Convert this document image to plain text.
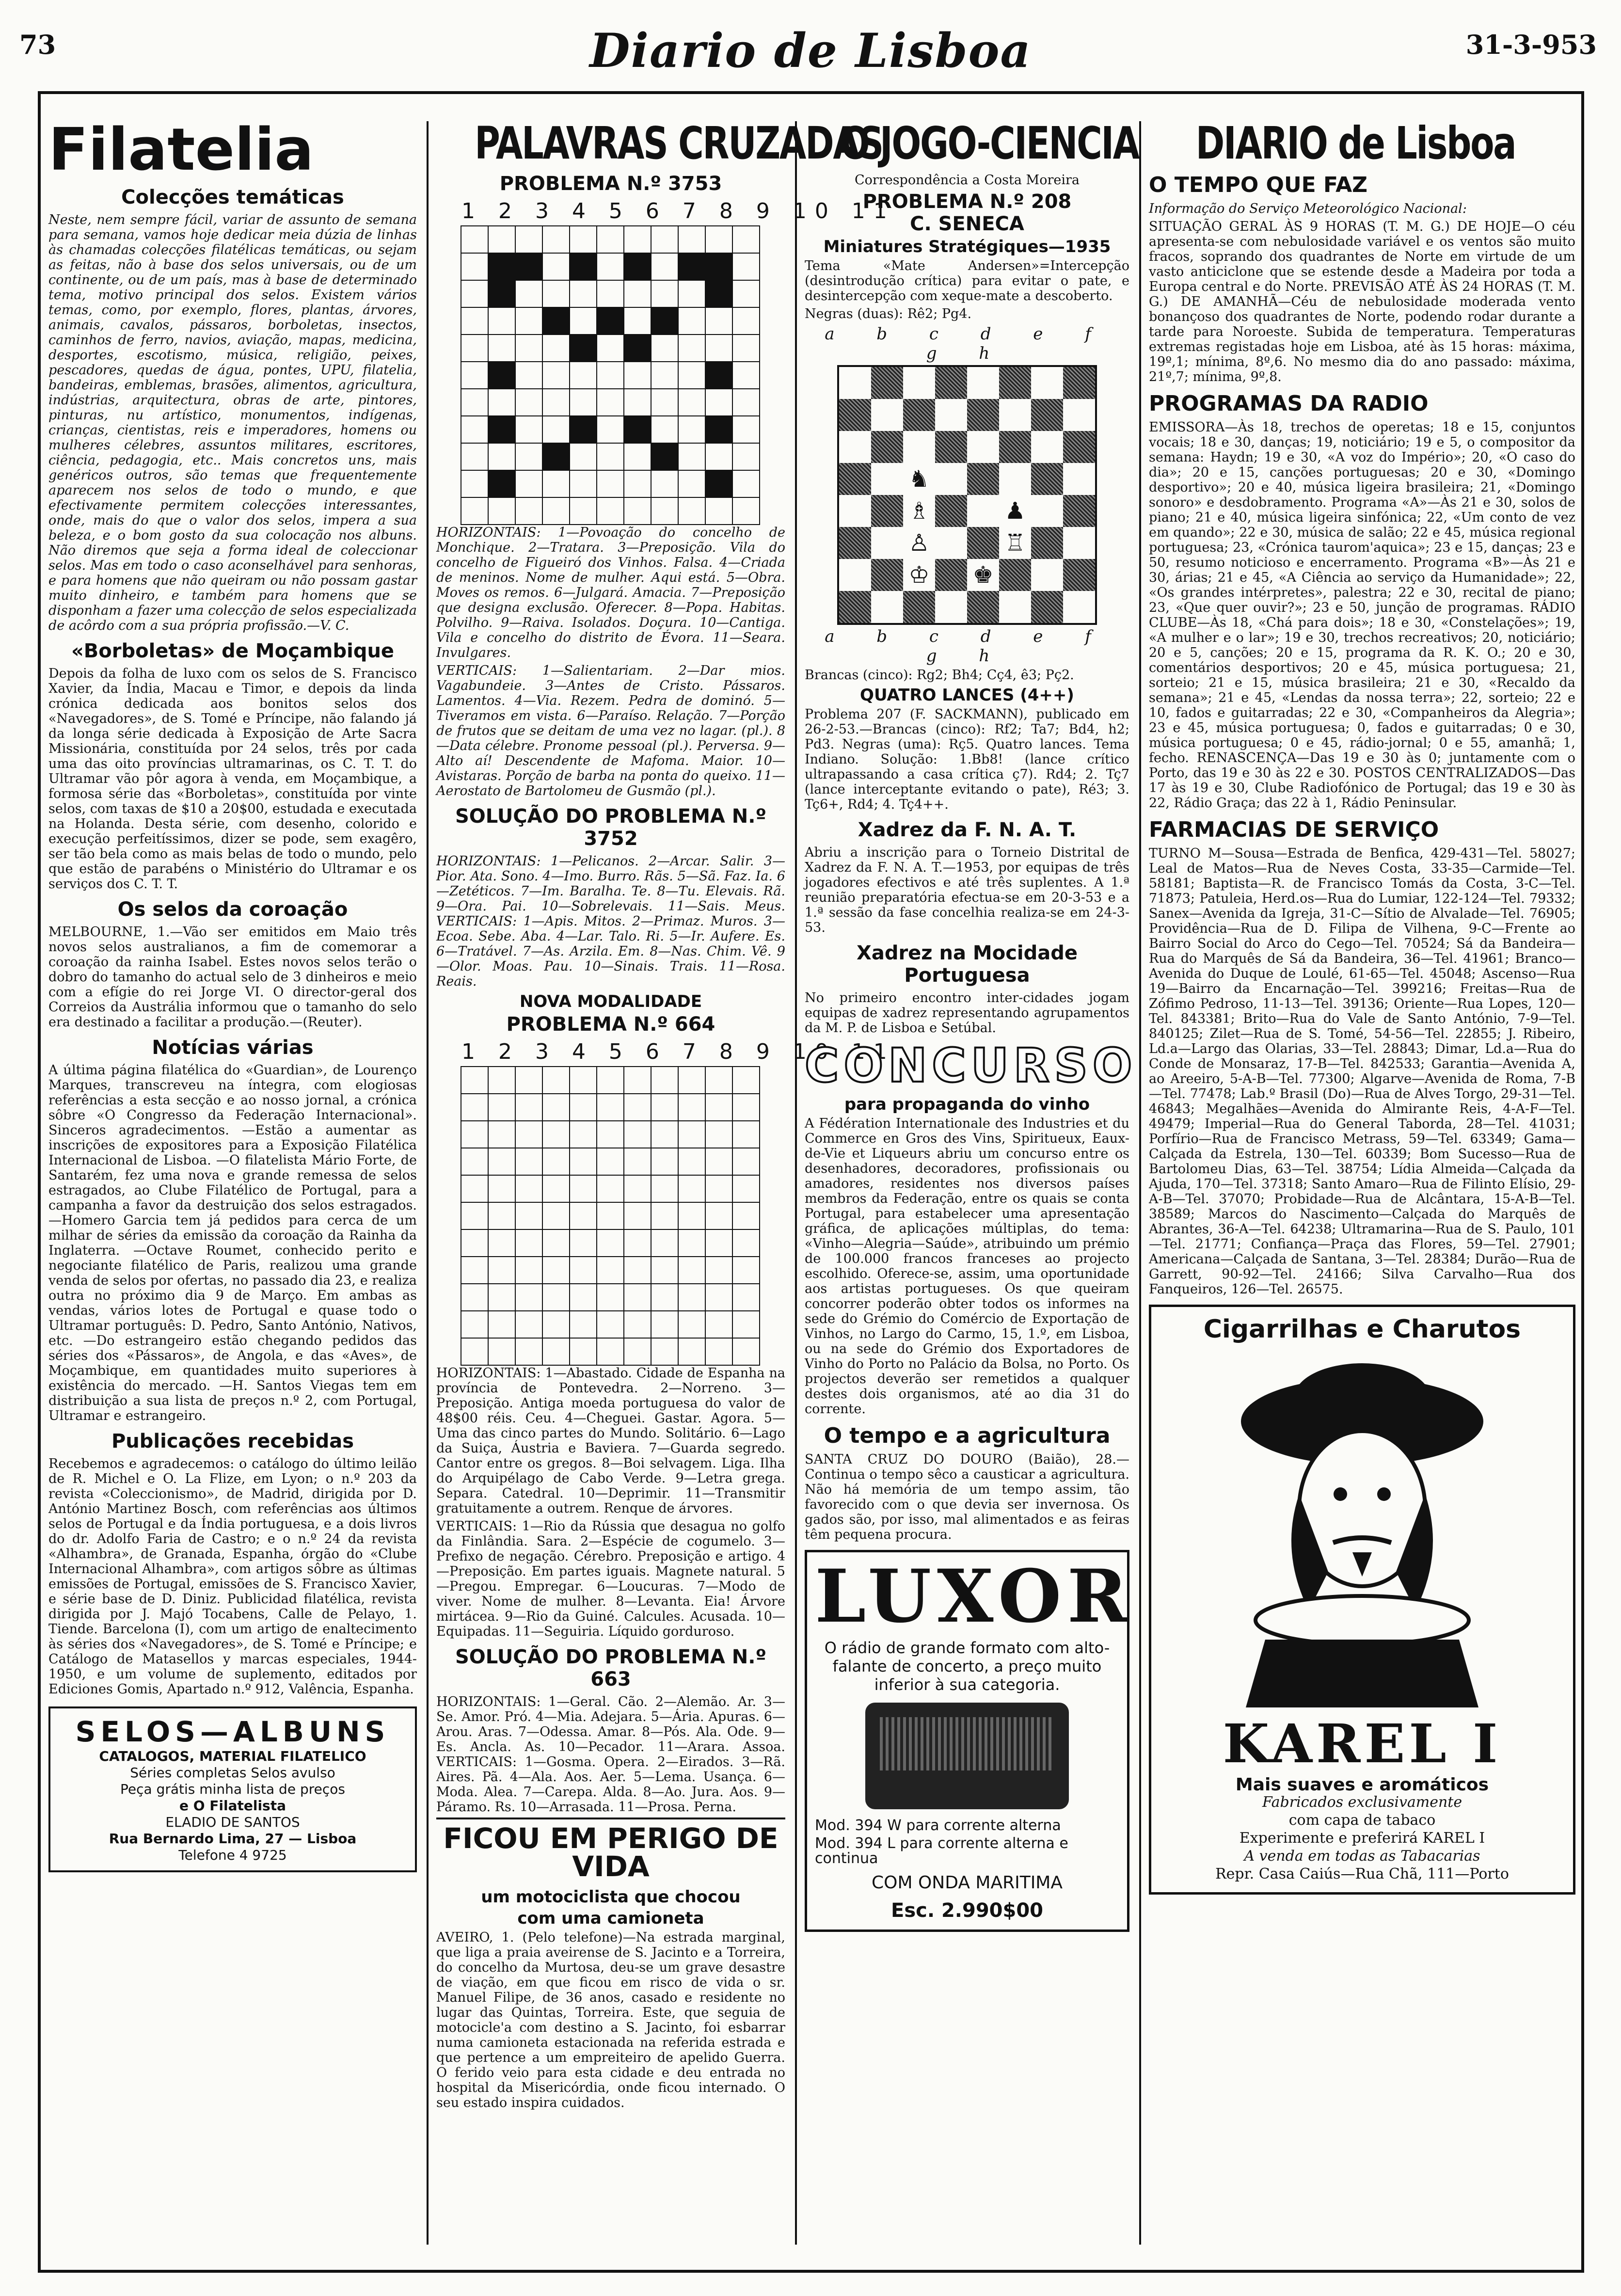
73	Diario de Lisboa	31-3-953
Filatelia
Colecções temáticas

Neste, nem sempre fácil, variar de assunto de semana para semana, vamos hoje dedicar meia dúzia de linhas às chamadas colecções filatélicas temáticas, ou sejam as feitas, não à base dos selos universais, ou de um continente, ou de um país, mas à base de determinado tema, motivo principal dos selos. Existem vários temas, como, por exemplo, flores, plantas, árvores, animais, cavalos, pássaros, borboletas, insectos, caminhos de ferro, navios, aviação, mapas, medicina, desportes, escotismo, música, religião, peixes, pescadores, quedas de água, pontes, UPU, filatelia, bandeiras, emblemas, brasões, alimentos, agricultura, indústrias, arquitectura, obras de arte, pintores, pinturas, nu artístico, monumentos, indígenas, crianças, cientistas, reis e imperadores, homens ou mulheres célebres, assuntos militares, escritores, ciência, pedagogia, etc.. Mais concretos uns, mais genéricos outros, são temas que frequentemente aparecem nos selos de todo o mundo, e que efectivamente permitem colecções interessantes, onde, mais do que o valor dos selos, impera a sua beleza, e o bom gosto da sua colocação nos albuns. Não diremos que seja a forma ideal de coleccionar selos. Mas em todo o caso aconselhável para senhoras, e para homens que não queiram ou não possam gastar muito dinheiro, e também para homens que se disponham a fazer uma colecção de selos especializada de acôrdo com a sua própria profissão.—V. C.

«Borboletas» de Moçambique

Depois da folha de luxo com os selos de S. Francisco Xavier, da Índia, Macau e Timor, e depois da linda crónica dedicada aos bonitos selos dos «Navegadores», de S. Tomé e Príncipe, não falando já da longa série dedicada à Exposição de Arte Sacra Missionária, constituída por 24 selos, três por cada uma das oito províncias ultramarinas, os C. T. T. do Ultramar vão pôr agora à venda, em Moçambique, a formosa série das «Borboletas», constituída por vinte selos, com taxas de $10 a 20$00, estudada e executada na Holanda. Desta série, com desenho, colorido e execução perfeitíssimos, dizer se pode, sem exagêro, ser tão bela como as mais belas de todo o mundo, pelo que estão de parabéns o Ministério do Ultramar e os serviços dos C. T. T.

Os selos da coroação

MELBOURNE, 1.—Vão ser emitidos em Maio três novos selos australianos, a fim de comemorar a coroação da rainha Isabel. Estes novos selos terão o dobro do tamanho do actual selo de 3 dinheiros e meio com a efígie do rei Jorge VI. O director-geral dos Correios da Austrália informou que o tamanho do selo era destinado a facilitar a produção.—(Reuter).

Notícias várias

A última página filatélica do «Guardian», de Lourenço Marques, transcreveu na íntegra, com elogiosas referências a esta secção e ao nosso jornal, a crónica sôbre «O Congresso da Federação Internacional». Sinceros agradecimentos. —Estão a aumentar as inscrições de expositores para a Exposição Filatélica Internacional de Lisboa. —O filatelista Mário Forte, de Santarém, fez uma nova e grande remessa de selos estragados, ao Clube Filatélico de Portugal, para a campanha a favor da destruição dos selos estragados. —Homero Garcia tem já pedidos para cerca de um milhar de séries da emissão da coroação da Rainha da Inglaterra. —Octave Roumet, conhecido perito e negociante filatélico de Paris, realizou uma grande venda de selos por ofertas, no passado dia 23, e realiza outra no próximo dia 9 de Março. Em ambas as vendas, vários lotes de Portugal e quase todo o Ultramar português: D. Pedro, Santo António, Nativos, etc. —Do estrangeiro estão chegando pedidos das séries dos «Pássaros», de Angola, e das «Aves», de Moçambique, em quantidades muito superiores à existência do mercado. —H. Santos Viegas tem em distribuição a sua lista de preços n.º 2, com Portugal, Ultramar e estrangeiro.

Publicações recebidas

Recebemos e agradecemos: o catálogo do último leilão de R. Michel e O. La Flize, em Lyon; o n.º 203 da revista «Coleccionismo», de Madrid, dirigida por D. António Martinez Bosch, com referências aos últimos selos de Portugal e da Índia portuguesa, e a dois livros do dr. Adolfo Faria de Castro; e o n.º 24 da revista «Alhambra», de Granada, Espanha, órgão do «Clube Internacional Alhambra», com artigos sôbre as últimas emissões de Portugal, emissões de S. Francisco Xavier, e série base de D. Diniz. Publicidad filatélica, revista dirigida por J. Majó Tocabens, Calle de Pelayo, 1. Tiende. Barcelona (I), com um artigo de enaltecimento às séries dos «Navegadores», de S. Tomé e Príncipe; e Catálogo de Matasellos y marcas especiales, 1944-1950, e um volume de suplemento, editados por Ediciones Gomis, Apartado n.º 912, Valência, Espanha.

SELOS—ALBUNS
CATALOGOS, MATERIAL FILATELICO
Séries completas Selos avulso
Peça grátis minha lista de preços
e O Filatelista
ELADIO DE SANTOS
Rua Bernardo Lima, 27 — Lisboa
Telefone 4 9725
PALAVRAS CRUZADAS
PROBLEMA N.º 3753
1 2 3 4 5 6 7 8 9 10 11

HORIZONTAIS: 1—Povoação do concelho de Monchique. 2—Tratara. 3—Preposição. Vila do concelho de Figueiró dos Vinhos. Falsa. 4—Criada de meninos. Nome de mulher. Aqui está. 5—Obra. Moves os remos. 6—Julgará. Amacia. 7—Preposição que designa exclusão. Oferecer. 8—Popa. Habitas. Polvilho. 9—Raiva. Isolados. Doçura. 10—Cantiga. Vila e concelho do distrito de Évora. 11—Seara. Invulgares.

VERTICAIS: 1—Salientariam. 2—Dar mios. Vagabundeie. 3—Antes de Cristo. Pássaros. Lamentos. 4—Via. Rezem. Pedra de dominó. 5—Tiveramos em vista. 6—Paraíso. Relação. 7—Porção de frutos que se deitam de uma vez no lagar. (pl.). 8—Data célebre. Pronome pessoal (pl.). Perversa. 9—Alto aí! Descendente de Mafoma. Maior. 10—Avistaras. Porção de barba na ponta do queixo. 11—Aerostato de Bartolomeu de Gusmão (pl.).

SOLUÇÃO DO PROBLEMA N.º 3752

HORIZONTAIS: 1—Pelicanos. 2—Arcar. Salir. 3—Pior. Ata. Sono. 4—Imo. Burro. Rãs. 5—Sã. Faz. Ia. 6—Zetéticos. 7—Im. Baralha. Te. 8—Tu. Elevais. Rã. 9—Ora. Pai. 10—Sobrelevais. 11—Sais. Meus. VERTICAIS: 1—Apis. Mitos. 2—Primaz. Muros. 3—Ecoa. Sebe. Aba. 4—Lar. Talo. Ri. 5—Ir. Aufere. Es. 6—Tratável. 7—As. Arzila. Em. 8—Nas. Chim. Vê. 9—Olor. Moas. Pau. 10—Sinais. Trais. 11—Rosa. Reais.

NOVA MODALIDADE
PROBLEMA N.º 664
1 2 3 4 5 6 7 8 9 10 11

HORIZONTAIS: 1—Abastado. Cidade de Espanha na província de Pontevedra. 2—Norreno. 3—Preposição. Antiga moeda portuguesa do valor de 48$00 réis. Ceu. 4—Cheguei. Gastar. Agora. 5—Uma das cinco partes do Mundo. Solitário. 6—Lago da Suiça, Áustria e Baviera. 7—Guarda segredo. Cantor entre os gregos. 8—Boi selvagem. Liga. Ilha do Arquipélago de Cabo Verde. 9—Letra grega. Separa. Catedral. 10—Deprimir. 11—Transmitir gratuitamente a outrem. Renque de árvores.

VERTICAIS: 1—Rio da Rússia que desagua no golfo da Finlândia. Sara. 2—Espécie de cogumelo. 3—Prefixo de negação. Cérebro. Preposição e artigo. 4—Preposição. Em partes iguais. Magnete natural. 5—Pregou. Empregar. 6—Loucuras. 7—Modo de viver. Nome de mulher. 8—Levanta. Eia! Árvore mirtácea. 9—Rio da Guiné. Calcules. Acusada. 10—Equipadas. 11—Seguiria. Líquido gorduroso.

SOLUÇÃO DO PROBLEMA N.º 663

HORIZONTAIS: 1—Geral. Cão. 2—Alemão. Ar. 3—Se. Amor. Pró. 4—Mia. Adejara. 5—Ária. Apuras. 6—Arou. Aras. 7—Odessa. Amar. 8—Pós. Ala. Ode. 9—Es. Ancla. As. 10—Pecador. 11—Arara. Assoa. VERTICAIS: 1—Gosma. Opera. 2—Eirados. 3—Rã. Aires. Pã. 4—Ala. Aos. Aer. 5—Lema. Usança. 6—Moda. Alea. 7—Carepa. Alda. 8—Ao. Jura. Aos. 9—Páramo. Rs. 10—Arrasada. 11—Prosa. Perna.

FICOU EM PERIGO DE VIDA
um motociclista que chocou
com uma camioneta

AVEIRO, 1. (Pelo telefone)—Na estrada marginal, que liga a praia aveirense de S. Jacinto e a Torreira, do concelho da Murtosa, deu-se um grave desastre de viação, em que ficou em risco de vida o sr. Manuel Filipe, de 36 anos, casado e residente no lugar das Quintas, Torreira. Este, que seguia de motocicle'a com destino a S. Jacinto, foi esbarrar numa camioneta estacionada na referida estrada e que pertence a um empreiteiro de apelido Guerra. O ferido veio para esta cidade e deu entrada no hospital da Misericórdia, onde ficou internado. O seu estado inspira cuidados.

O JOGO-CIENCIA
Correspondência a Costa Moreira
PROBLEMA N.º 208
C. SENECA
Miniatures Stratégiques—1935

Tema «Mate Andersen»=Intercepção (desintrodução crítica) para evitar o pate, e desintercepção com xeque-mate a descoberto.

Negras (duas): Rê2; Pg4.

a b c d e f g h

		♞					
		♗			♟		
		♙			♖		
		♔		♚			

a b c d e f g h

Brancas (cinco): Rg2; Bh4; Cç4, ê3; Pç2.

QUATRO LANCES (4++)

Problema 207 (F. SACKMANN), publicado em 26-2-53.—Brancas (cinco): Rf2; Ta7; Bd4, h2; Pd3. Negras (uma): Rç5. Quatro lances. Tema Indiano. Solução: 1.Bb8! (lance crítico ultrapassando a casa crítica ç7). Rd4; 2. Tç7 (lance interceptante evitando o pate), Ré3; 3. Tç6+, Rd4; 4. Tç4++.

Xadrez da F. N. A. T.

Abriu a inscrição para o Torneio Distrital de Xadrez da F. N. A. T.—1953, por equipas de três jogadores efectivos e até três suplentes. A 1.ª reunião preparatória efectua-se em 20-3-53 e a 1.ª sessão da fase concelhia realiza-se em 24-3-53.

Xadrez na Mocidade Portuguesa

No primeiro encontro inter-cidades jogam equipas de xadrez representando agrupamentos da M. P. de Lisboa e Setúbal.

CONCURSO
para propaganda do vinho

A Fédération Internationale des Industries et du Commerce en Gros des Vins, Spiritueux, Eaux-de-Vie et Liqueurs abriu um concurso entre os desenhadores, decoradores, profissionais ou amadores, residentes nos diversos países membros da Federação, entre os quais se conta Portugal, para estabelecer uma apresentação gráfica, de aplicações múltiplas, do tema: «Vinho—Alegria—Saúde», atribuindo um prémio de 100.000 francos franceses ao projecto escolhido. Oferece-se, assim, uma oportunidade aos artistas portugueses. Os que queiram concorrer poderão obter todos os informes na sede do Grémio do Comércio de Exportação de Vinhos, no Largo do Carmo, 15, 1.º, em Lisboa, ou na sede do Grémio dos Exportadores de Vinho do Porto no Palácio da Bolsa, no Porto. Os projectos deverão ser remetidos a qualquer destes dois organismos, até ao dia 31 do corrente.

O tempo e a agricultura

SANTA CRUZ DO DOURO (Baião), 28.—Continua o tempo sêco a causticar a agricultura. Não há memória de um tempo assim, tão favorecido com o que devia ser invernosa. Os gados são, por isso, mal alimentados e as feiras têm pequena procura.

LUXOR
O rádio de grande formato com alto-falante de concerto, a preço muito inferior à sua categoria.
Mod. 394 W para corrente alterna
Mod. 394 L para corrente alterna e continua
COM ONDA MARITIMA
Esc. 2.990$00
DIARIO de Lisboa
O TEMPO QUE FAZ
Informação do Serviço Meteorológico Nacional:

SITUAÇÃO GERAL ÀS 9 HORAS (T. M. G.) DE HOJE—O céu apresenta-se com nebulosidade variável e os ventos são muito fracos, soprando dos quadrantes de Norte em virtude de um vasto anticiclone que se estende desde a Madeira por toda a Europa central e do Norte. PREVISÃO ATÉ ÀS 24 HORAS (T. M. G.) DE AMANHÃ—Céu de nebulosidade moderada vento bonançoso dos quadrantes de Norte, podendo rodar durante a tarde para Noroeste. Subida de temperatura. Temperaturas extremas registadas hoje em Lisboa, até às 15 horas: máxima, 19º,1; mínima, 8º,6. No mesmo dia do ano passado: máxima, 21º,7; mínima, 9º,8.

PROGRAMAS DA RADIO

EMISSORA—Às 18, trechos de operetas; 18 e 15, conjuntos vocais; 18 e 30, danças; 19, noticiário; 19 e 5, o compositor da semana: Haydn; 19 e 30, «A voz do Império»; 20, «O caso do dia»; 20 e 15, canções portuguesas; 20 e 30, «Domingo desportivo»; 20 e 40, música ligeira brasileira; 21, «Domingo sonoro» e desdobramento. Programa «A»—Às 21 e 30, solos de piano; 21 e 40, música ligeira sinfónica; 22, «Um conto de vez em quando»; 22 e 30, música de salão; 22 e 45, música regional portuguesa; 23, «Crónica taurom'aquica»; 23 e 15, danças; 23 e 50, resumo noticioso e encerramento. Programa «B»—Às 21 e 30, árias; 21 e 45, «A Ciência ao serviço da Humanidade»; 22, «Os grandes intérpretes», palestra; 22 e 30, recital de piano; 23, «Que quer ouvir?»; 23 e 50, junção de programas. RÁDIO CLUBE—Às 18, «Chá para dois»; 18 e 30, «Constelações»; 19, «A mulher e o lar»; 19 e 30, trechos recreativos; 20, noticiário; 20 e 5, canções; 20 e 15, programa da R. K. O.; 20 e 30, comentários desportivos; 20 e 45, música portuguesa; 21, sorteio; 21 e 15, música brasileira; 21 e 30, «Recaldo da semana»; 21 e 45, «Lendas da nossa terra»; 22, sorteio; 22 e 10, fados e guitarradas; 22 e 30, «Companheiros da Alegria»; 23 e 45, música portuguesa; 0, fados e guitarradas; 0 e 30, música portuguesa; 0 e 45, rádio-jornal; 0 e 55, amanhã; 1, fecho. RENASCENÇA—Das 19 e 30 às 0; juntamente com o Porto, das 19 e 30 às 22 e 30. POSTOS CENTRALIZADOS—Das 17 às 19 e 30, Clube Radiofónico de Portugal; das 19 e 30 às 22, Rádio Graça; das 22 à 1, Rádio Peninsular.

FARMACIAS DE SERVIÇO

TURNO M—Sousa—Estrada de Benfica, 429-431—Tel. 58027; Leal de Matos—Rua de Neves Costa, 33-35—Carmide—Tel. 58181; Baptista—R. de Francisco Tomás da Costa, 3-C—Tel. 71873; Patuleia, Herd.os—Rua do Lumiar, 122-124—Tel. 79332; Sanex—Avenida da Igreja, 31-C—Sítio de Alvalade—Tel. 76905; Providência—Rua de D. Filipa de Vilhena, 9-C—Frente ao Bairro Social do Arco do Cego—Tel. 70524; Sá da Bandeira—Rua do Marquês de Sá da Bandeira, 36—Tel. 41961; Branco—Avenida do Duque de Loulé, 61-65—Tel. 45048; Ascenso—Rua 19—Bairro da Encarnação—Tel. 399216; Freitas—Rua de Zófimo Pedroso, 11-13—Tel. 39136; Oriente—Rua Lopes, 120—Tel. 843381; Brito—Rua do Vale de Santo António, 7-9—Tel. 840125; Zilet—Rua de S. Tomé, 54-56—Tel. 22855; J. Ribeiro, Ld.a—Largo das Olarias, 33—Tel. 28843; Dimar, Ld.a—Rua do Conde de Monsaraz, 17-B—Tel. 842533; Garantia—Avenida A, ao Areeiro, 5-A-B—Tel. 77300; Algarve—Avenida de Roma, 7-B—Tel. 77478; Lab.º Brasil (Do)—Rua de Alves Torgo, 29-31—Tel. 46843; Megalhães—Avenida do Almirante Reis, 4-A-F—Tel. 49479; Imperial—Rua do General Taborda, 28—Tel. 41031; Porfírio—Rua de Francisco Metrass, 59—Tel. 63349; Gama—Calçada da Estrela, 130—Tel. 60339; Bom Sucesso—Rua de Bartolomeu Dias, 63—Tel. 38754; Lídia Almeida—Calçada da Ajuda, 170—Tel. 37318; Santo Amaro—Rua de Filinto Elísio, 29-A-B—Tel. 37070; Probidade—Rua de Alcântara, 15-A-B—Tel. 38589; Marcos do Nascimento—Calçada do Marquês de Abrantes, 36-A—Tel. 64238; Ultramarina—Rua de S. Paulo, 101—Tel. 21771; Confiança—Praça das Flores, 59—Tel. 27901; Americana—Calçada de Santana, 3—Tel. 28384; Durão—Rua de Garrett, 90-92—Tel. 24166; Silva Carvalho—Rua dos Fanqueiros, 126—Tel. 26575.

Cigarrilhas e Charutos
KAREL I
Mais suaves e aromáticos
Fabricados exclusivamente
com capa de tabaco
Experimente e preferirá KAREL I
A venda em todas as Tabacarias
Repr. Casa Caiús—Rua Chã, 111—Porto
